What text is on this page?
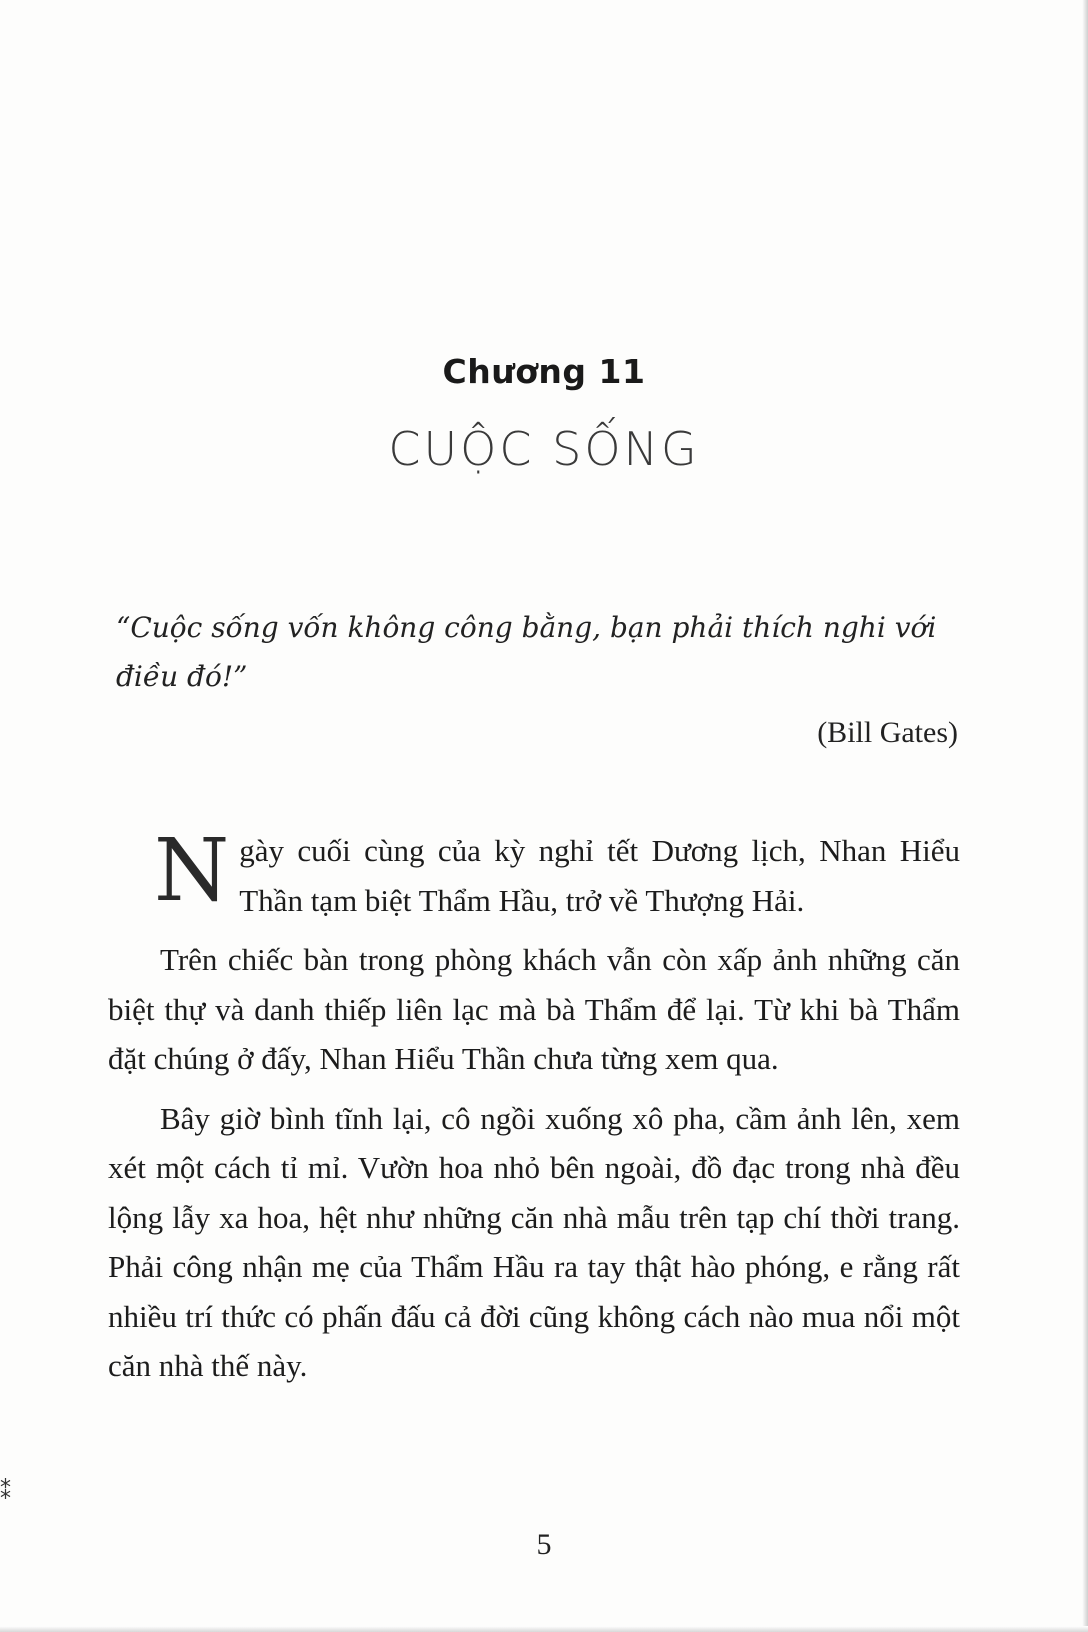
Chương 11
CUỘC SỐNG
“Cuộc sống vốn không công bằng, bạn phải thích nghi với điều đó!”
(Bill Gates)

Ngày cuối cùng của kỳ nghỉ tết Dương lịch, Nhan Hiểu Thần tạm biệt Thẩm Hầu, trở về Thượng Hải.

Trên chiếc bàn trong phòng khách vẫn còn xấp ảnh những căn biệt thự và danh thiếp liên lạc mà bà Thẩm để lại. Từ khi bà Thẩm đặt chúng ở đấy, Nhan Hiểu Thần chưa từng xem qua.

Bây giờ bình tĩnh lại, cô ngồi xuống xô pha, cầm ảnh lên, xem xét một cách tỉ mỉ. Vườn hoa nhỏ bên ngoài, đồ đạc trong nhà đều lộng lẫy xa hoa, hệt như những căn nhà mẫu trên tạp chí thời trang. Phải công nhận mẹ của Thẩm Hầu ra tay thật hào phóng, e rằng rất nhiều trí thức có phấn đấu cả đời cũng không cách nào mua nổi một căn nhà thế này.

5
⁑
